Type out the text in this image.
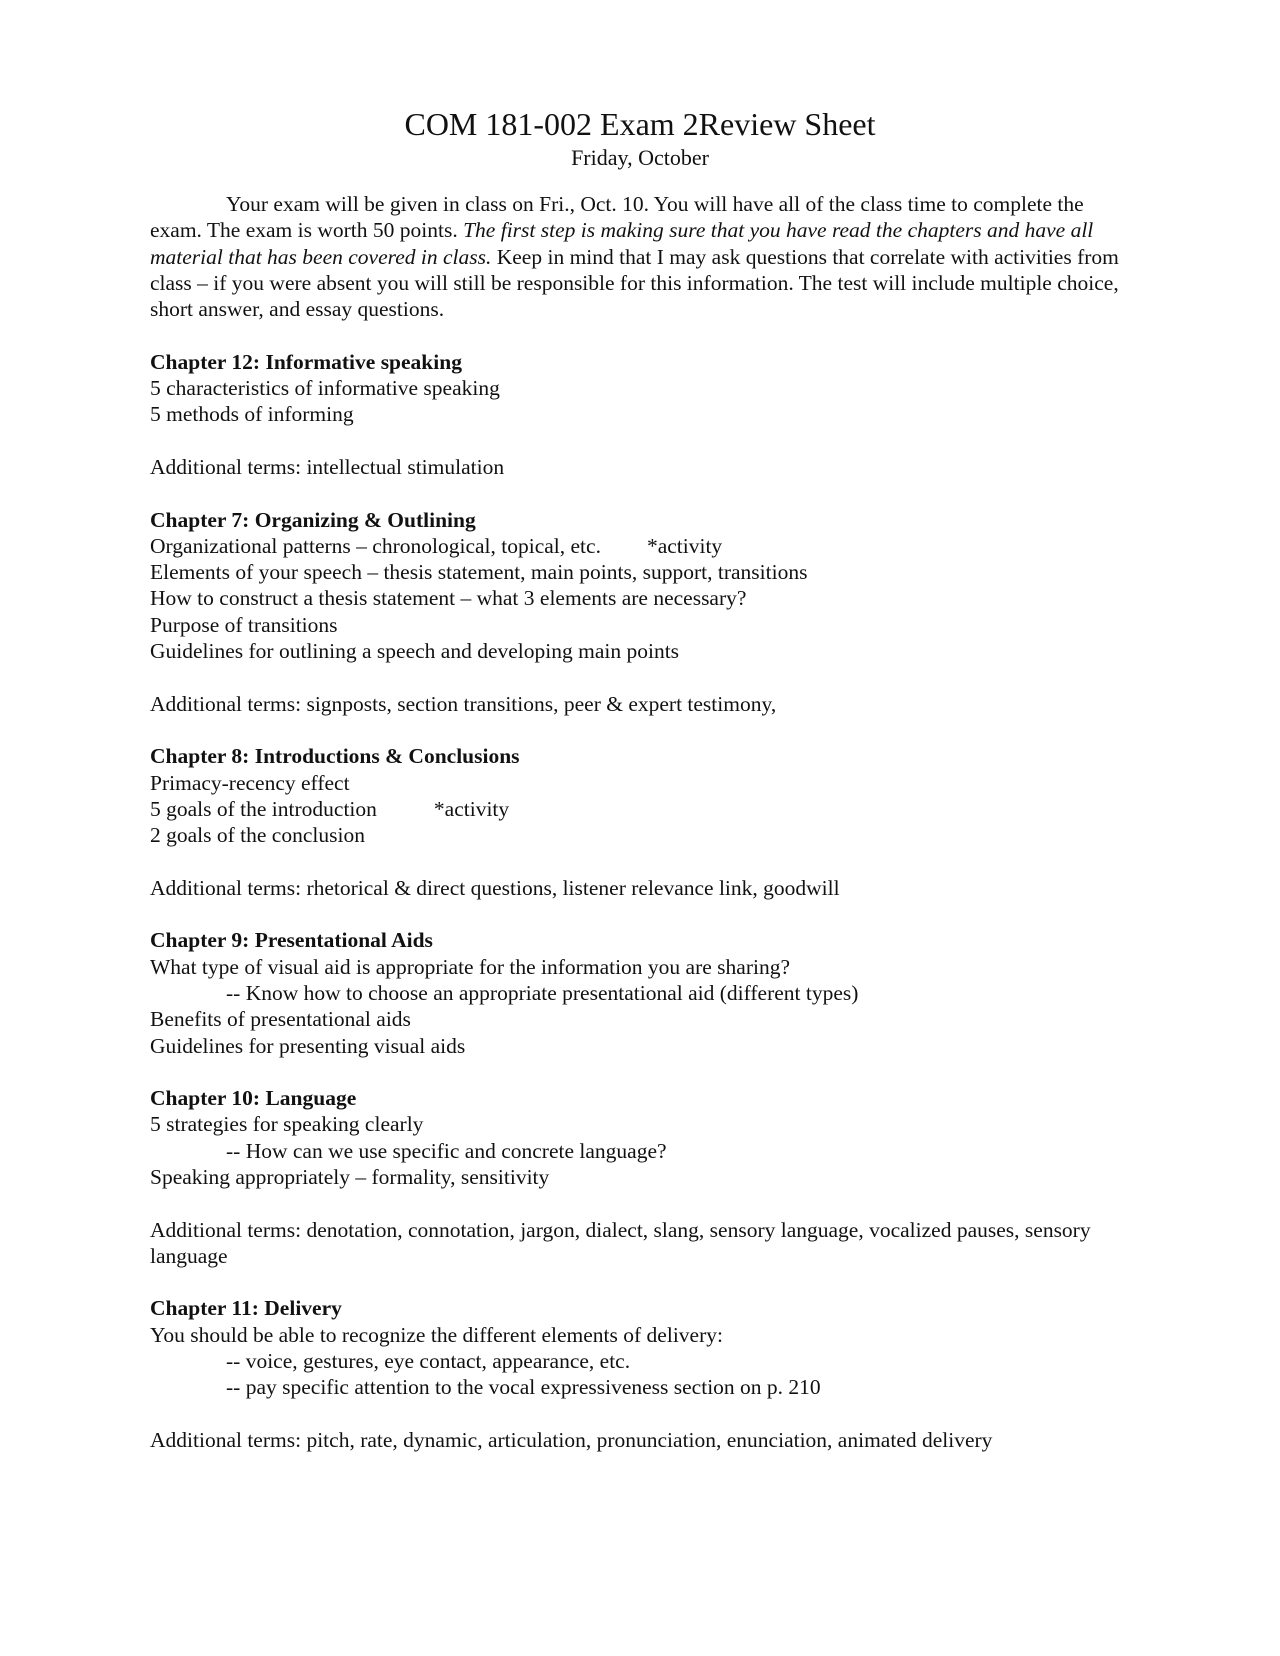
COM 181-002 Exam 2Review Sheet
Friday, October

Your exam will be given in class on Fri., Oct. 10. You will have all of the class time to complete the exam. The exam is worth 50 points. The first step is making sure that you have read the chapters and have all material that has been covered in class. Keep in mind that I may ask questions that correlate with activities from class – if you were absent you will still be responsible for this information. The test will include multiple choice, short answer, and essay questions.

Chapter 12: Informative speaking

5 characteristics of informative speaking

5 methods of informing

Additional terms: intellectual stimulation

Chapter 7: Organizing & Outlining

Organizational patterns – chronological, topical, etc. *activity

Elements of your speech – thesis statement, main points, support, transitions

How to construct a thesis statement – what 3 elements are necessary?

Purpose of transitions

Guidelines for outlining a speech and developing main points

Additional terms: signposts, section transitions, peer & expert testimony,

Chapter 8: Introductions & Conclusions

Primacy-recency effect

5 goals of the introduction	*activity

2 goals of the conclusion

Additional terms: rhetorical & direct questions, listener relevance link, goodwill

Chapter 9: Presentational Aids

What type of visual aid is appropriate for the information you are sharing?

-- Know how to choose an appropriate presentational aid (different types)

Benefits of presentational aids

Guidelines for presenting visual aids

Chapter 10: Language

5 strategies for speaking clearly

-- How can we use specific and concrete language?

Speaking appropriately – formality, sensitivity

Additional terms: denotation, connotation, jargon, dialect, slang, sensory language, vocalized pauses, sensory language

Chapter 11: Delivery

You should be able to recognize the different elements of delivery:

-- voice, gestures, eye contact, appearance, etc.

-- pay specific attention to the vocal expressiveness section on p. 210

Additional terms: pitch, rate, dynamic, articulation, pronunciation, enunciation, animated delivery
